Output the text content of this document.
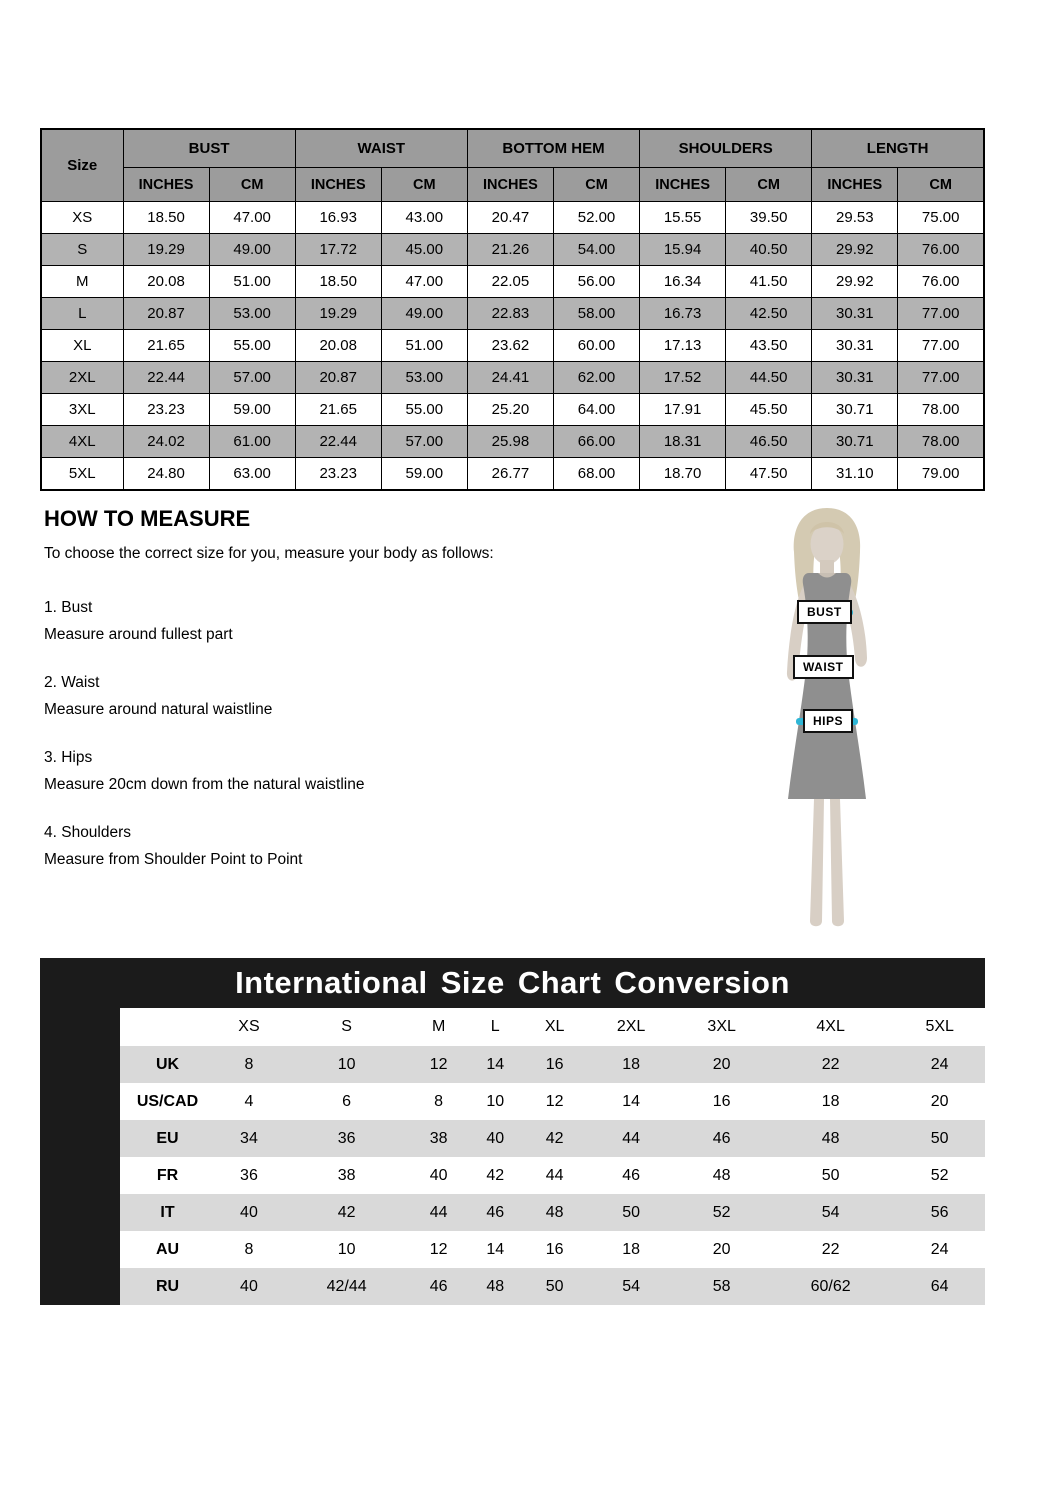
Size	BUST		WAIST		BOTTOM HEM		SHOULDERS		LENGTH	
	INCHES	CM	INCHES	CM	INCHES	CM	INCHES	CM	INCHES	CM
XS	18.50	47.00	16.93	43.00	20.47	52.00	15.55	39.50	29.53	75.00
S	19.29	49.00	17.72	45.00	21.26	54.00	15.94	40.50	29.92	76.00
M	20.08	51.00	18.50	47.00	22.05	56.00	16.34	41.50	29.92	76.00
L	20.87	53.00	19.29	49.00	22.83	58.00	16.73	42.50	30.31	77.00
XL	21.65	55.00	20.08	51.00	23.62	60.00	17.13	43.50	30.31	77.00
2XL	22.44	57.00	20.87	53.00	24.41	62.00	17.52	44.50	30.31	77.00
3XL	23.23	59.00	21.65	55.00	25.20	64.00	17.91	45.50	30.71	78.00
4XL	24.02	61.00	22.44	57.00	25.98	66.00	18.31	46.50	30.71	78.00
5XL	24.80	63.00	23.23	59.00	26.77	68.00	18.70	47.50	31.10	79.00
HOW TO MEASURE

To choose the correct size for you, measure your body as follows:

1. Bust

Measure around fullest part

2. Waist

Measure around natural waistline

3. Hips

Measure 20cm down from the natural waistline

4. Shoulders

Measure from Shoulder Point to Point

BUST
WAIST
HIPS
International Size Chart Conversion
	XS	S	M	L	XL	2XL	3XL	4XL	5XL
UK	8	10	12	14	16	18	20	22	24
US/CAD	4	6	8	10	12	14	16	18	20
EU	34	36	38	40	42	44	46	48	50
FR	36	38	40	42	44	46	48	50	52
IT	40	42	44	46	48	50	52	54	56
AU	8	10	12	14	16	18	20	22	24
RU	40	42/44	46	48	50	54	58	60/62	64
